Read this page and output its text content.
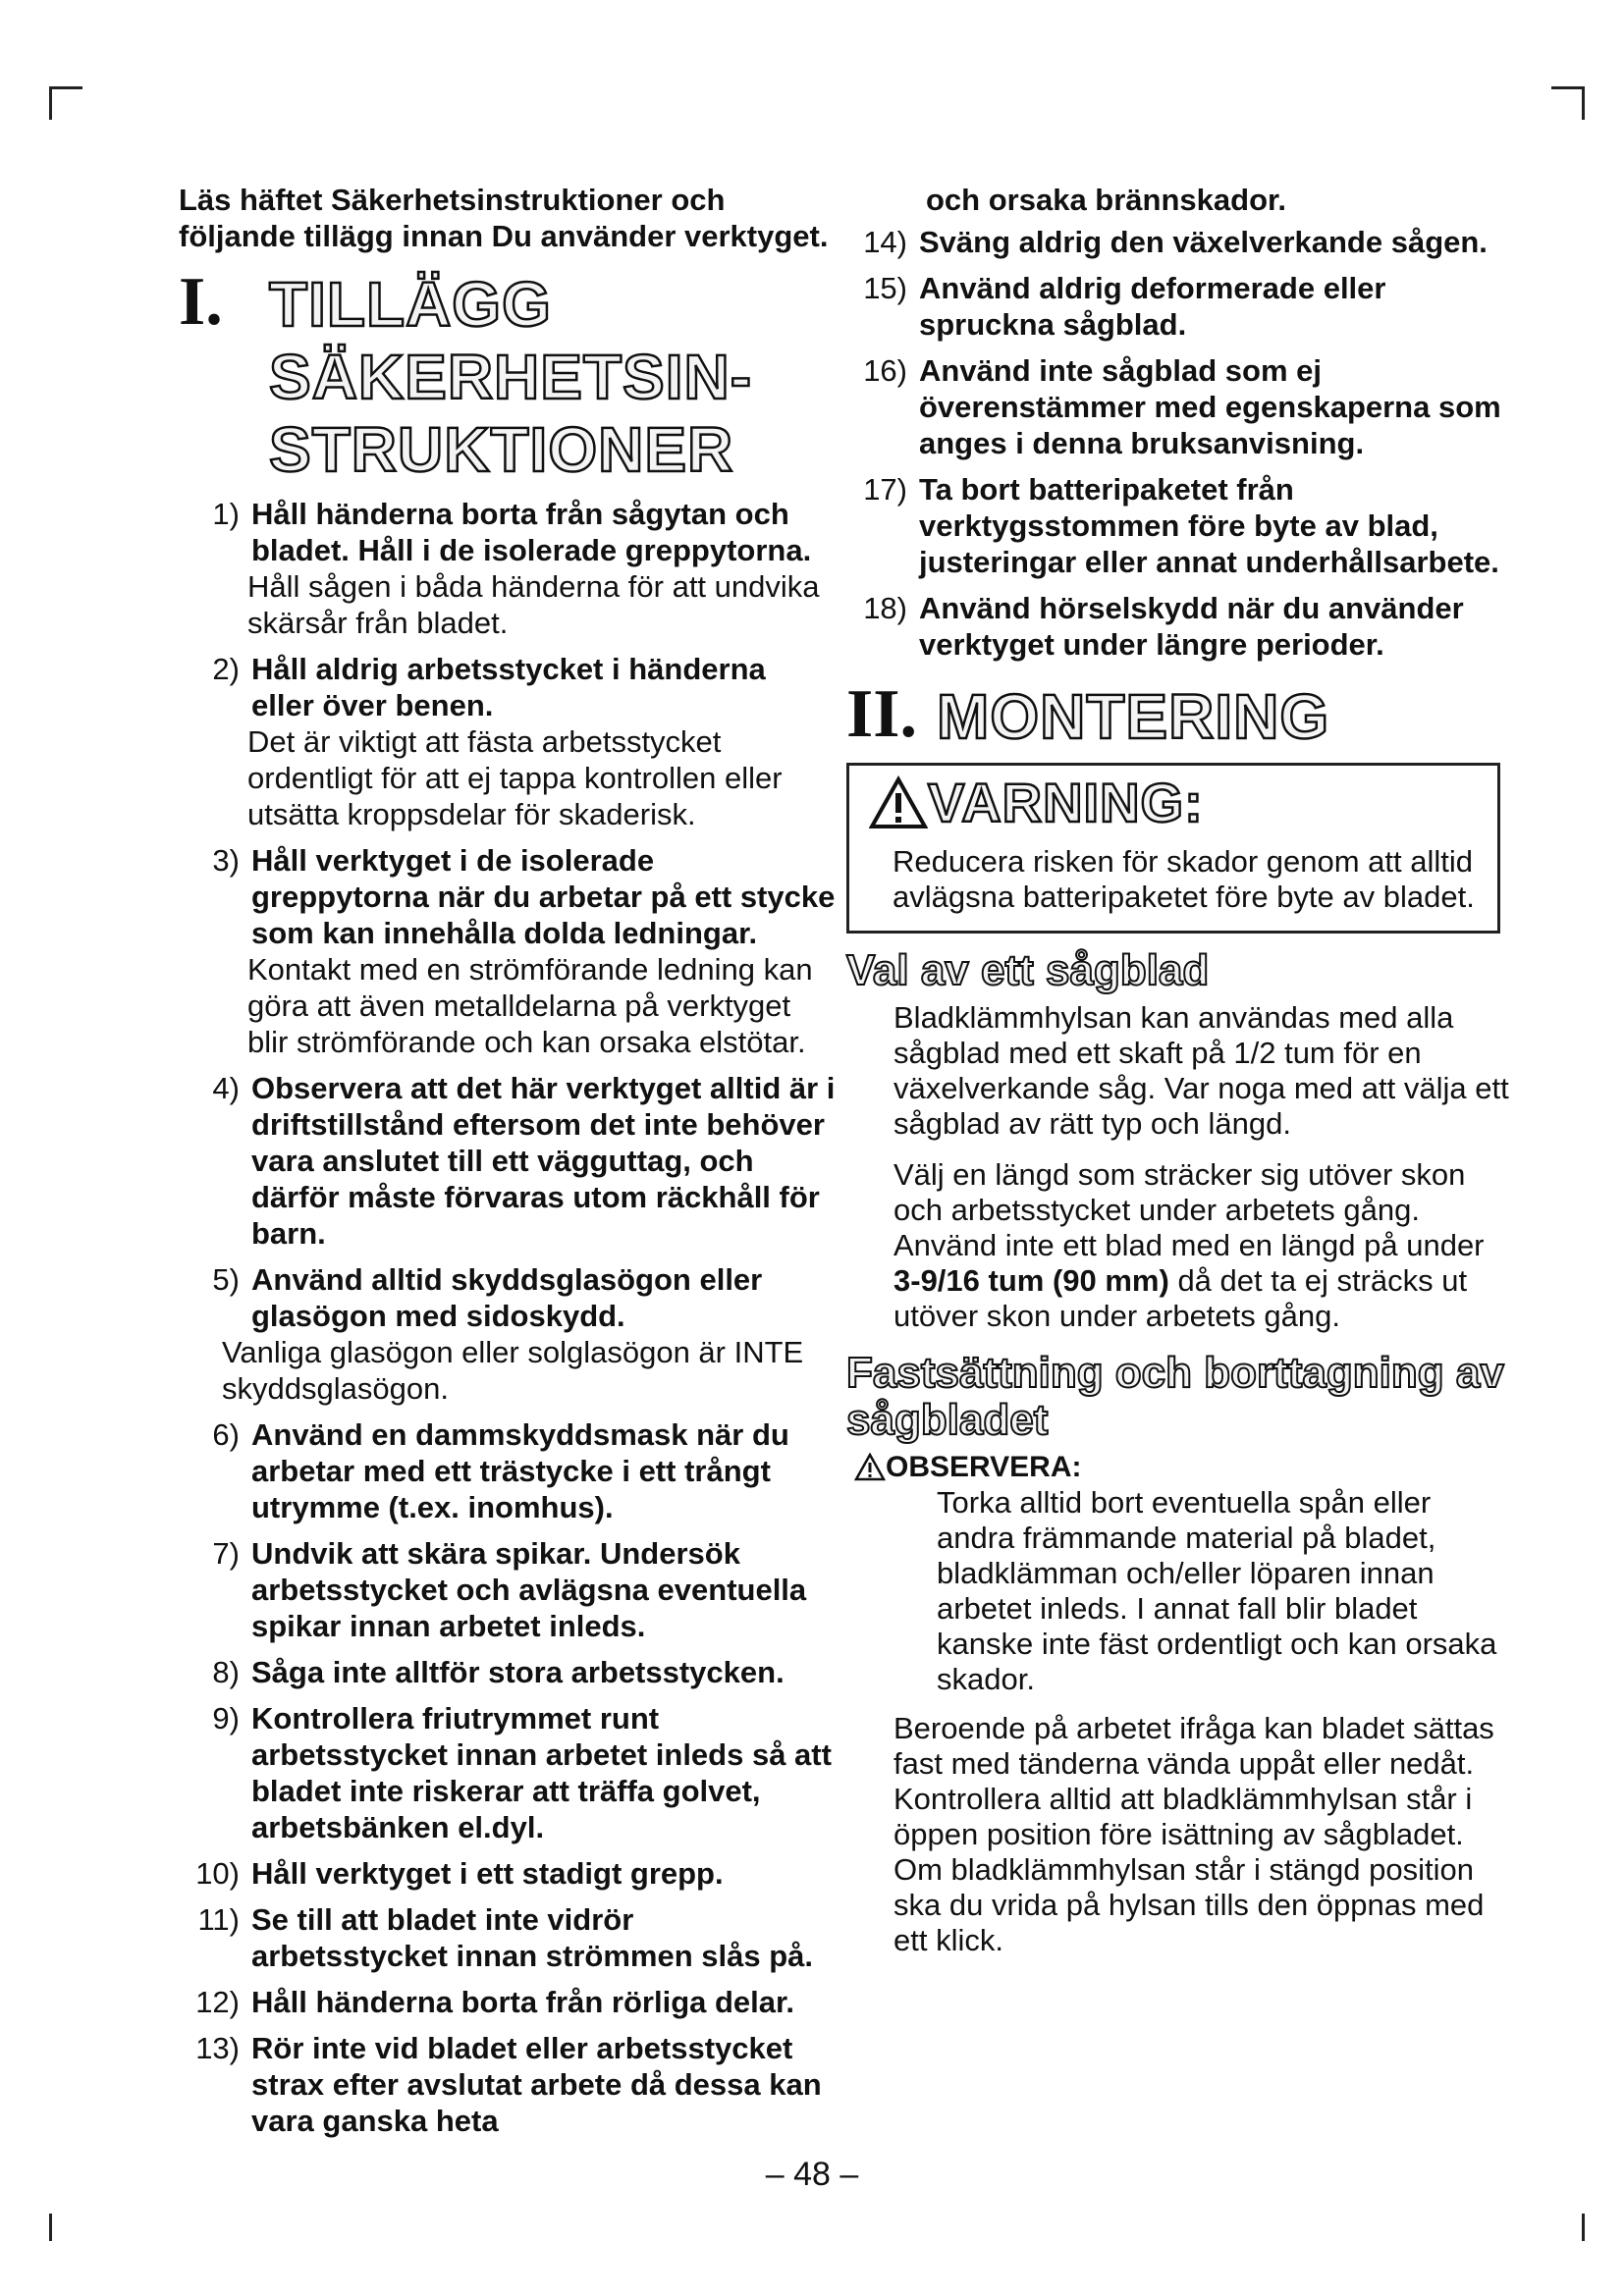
Läs häftet Säkerhetsinstruktioner och följande tillägg innan Du använder verktyget.

I. TILLÄGG
SÄKERHETSIN-
STRUKTIONER
1) Håll händerna borta från sågytan och bladet. Håll i de isolerade greppytorna.
Håll sågen i båda händerna för att undvika skärsår från bladet.
2) Håll aldrig arbetsstycket i händerna eller över benen.
Det är viktigt att fästa arbetsstycket ordentligt för att ej tappa kontrollen eller utsätta kroppsdelar för skaderisk.
3) Håll verktyget i de isolerade greppytorna när du arbetar på ett stycke som kan innehålla dolda ledningar.
Kontakt med en strömförande ledning kan göra att även metalldelarna på verktyget blir strömförande och kan orsaka elstötar.
4) Observera att det här verktyget alltid är i driftstillstånd eftersom det inte behöver vara anslutet till ett vägguttag, och därför måste förvaras utom räckhåll för barn.
5) Använd alltid skyddsglasögon eller glasögon med sidoskydd.
Vanliga glasögon eller solglasögon är INTE skyddsglasögon.
6) Använd en dammskyddsmask när du arbetar med ett trästycke i ett trångt utrymme (t.ex. inomhus).
7) Undvik att skära spikar. Undersök arbetsstycket och avlägsna eventuella spikar innan arbetet inleds.
8) Såga inte alltför stora arbetsstycken.
9) Kontrollera friutrymmet runt arbetsstycket innan arbetet inleds så att bladet inte riskerar att träffa golvet, arbetsbänken el.dyl.
10) Håll verktyget i ett stadigt grepp.
11) Se till att bladet inte vidrör arbetsstycket innan strömmen slås på.
12) Håll händerna borta från rörliga delar.
13) Rör inte vid bladet eller arbetsstycket strax efter avslutat arbete då dessa kan vara ganska heta
och orsaka brännskador.
14) Sväng aldrig den växelverkande sågen.
15) Använd aldrig deformerade eller spruckna sågblad.
16) Använd inte sågblad som ej överenstämmer med egenskaperna som anges i denna bruksanvisning.
17) Ta bort batteripaketet från verktygsstommen före byte av blad, justeringar eller annat underhållsarbete.
18) Använd hörselskydd när du använder verktyget under längre perioder.
II. MONTERING
VARNING:
Reducera risken för skador genom att alltid avlägsna batteripaketet före byte av bladet.
Val av ett sågblad

Bladklämmhylsan kan användas med alla sågblad med ett skaft på 1/2 tum för en växelverkande såg. Var noga med att välja ett sågblad av rätt typ och längd.

Välj en längd som sträcker sig utöver skon och arbetsstycket under arbetets gång. Använd inte ett blad med en längd på under 3-9/16 tum (90 mm) då det ta ej sträcks ut utöver skon under arbetets gång.

Fastsättning och borttagning av sågbladet
OBSERVERA:

Torka alltid bort eventuella spån eller andra främmande material på bladet, bladklämman och/eller löparen innan arbetet inleds. I annat fall blir bladet kanske inte fäst ordentligt och kan orsaka skador.

Beroende på arbetet ifråga kan bladet sättas fast med tänderna vända uppåt eller nedåt. Kontrollera alltid att bladklämmhylsan står i öppen position före isättning av sågbladet. Om bladklämmhylsan står i stängd position ska du vrida på hylsan tills den öppnas med ett klick.

– 48 –
